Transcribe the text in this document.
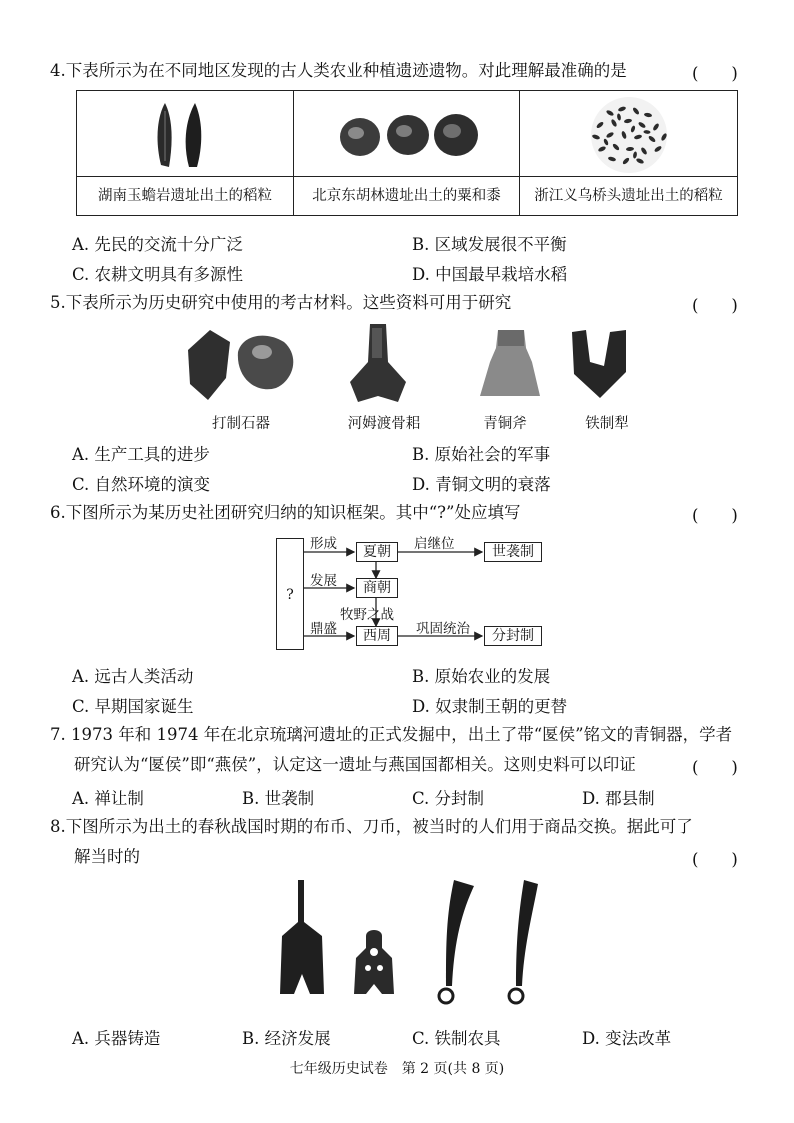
4.下表所示为在不同地区发现的古人类农业种植遗迹遗物。对此理解最准确的是	(　　)
湖南玉蟾岩遗址出土的稻粒	北京东胡林遗址出土的粟和黍	浙江义乌桥头遗址出土的稻粒
A. 先民的交流十分广泛	B. 区域发展很不平衡
C. 农耕文明具有多源性	D. 中国最早栽培水稻
5.下表所示为历史研究中使用的考古材料。这些资料可用于研究	(　　)
打制石器	河姆渡骨耜	青铜斧	铁制犁
A. 生产工具的进步	B. 原始社会的军事
C. 自然环境的演变	D. 青铜文明的衰落
6.下图所示为某历史社团研究归纳的知识框架。其中“?”处应填写	(　　)
?
夏朝
商朝
西周
世袭制
分封制
形成
发展
鼎盛
启继位
牧野之战
巩固统治
A. 远古人类活动	B. 原始农业的发展
C. 早期国家诞生	D. 奴隶制王朝的更替
7. 1973 年和 1974 年在北京琉璃河遗址的正式发掘中，出土了带“匽侯”铭文的青铜器，学者
研究认为“匽侯”即“燕侯”，认定这一遗址与燕国国都相关。这则史料可以印证	(　　)
A. 禅让制	B. 世袭制	C. 分封制	D. 郡县制
8.下图所示为出土的春秋战国时期的布币、刀币，被当时的人们用于商品交换。据此可了
解当时的	(　　)
A. 兵器铸造	B. 经济发展	C. 铁制农具	D. 变法改革
七年级历史试卷　第 2 页(共 8 页)
